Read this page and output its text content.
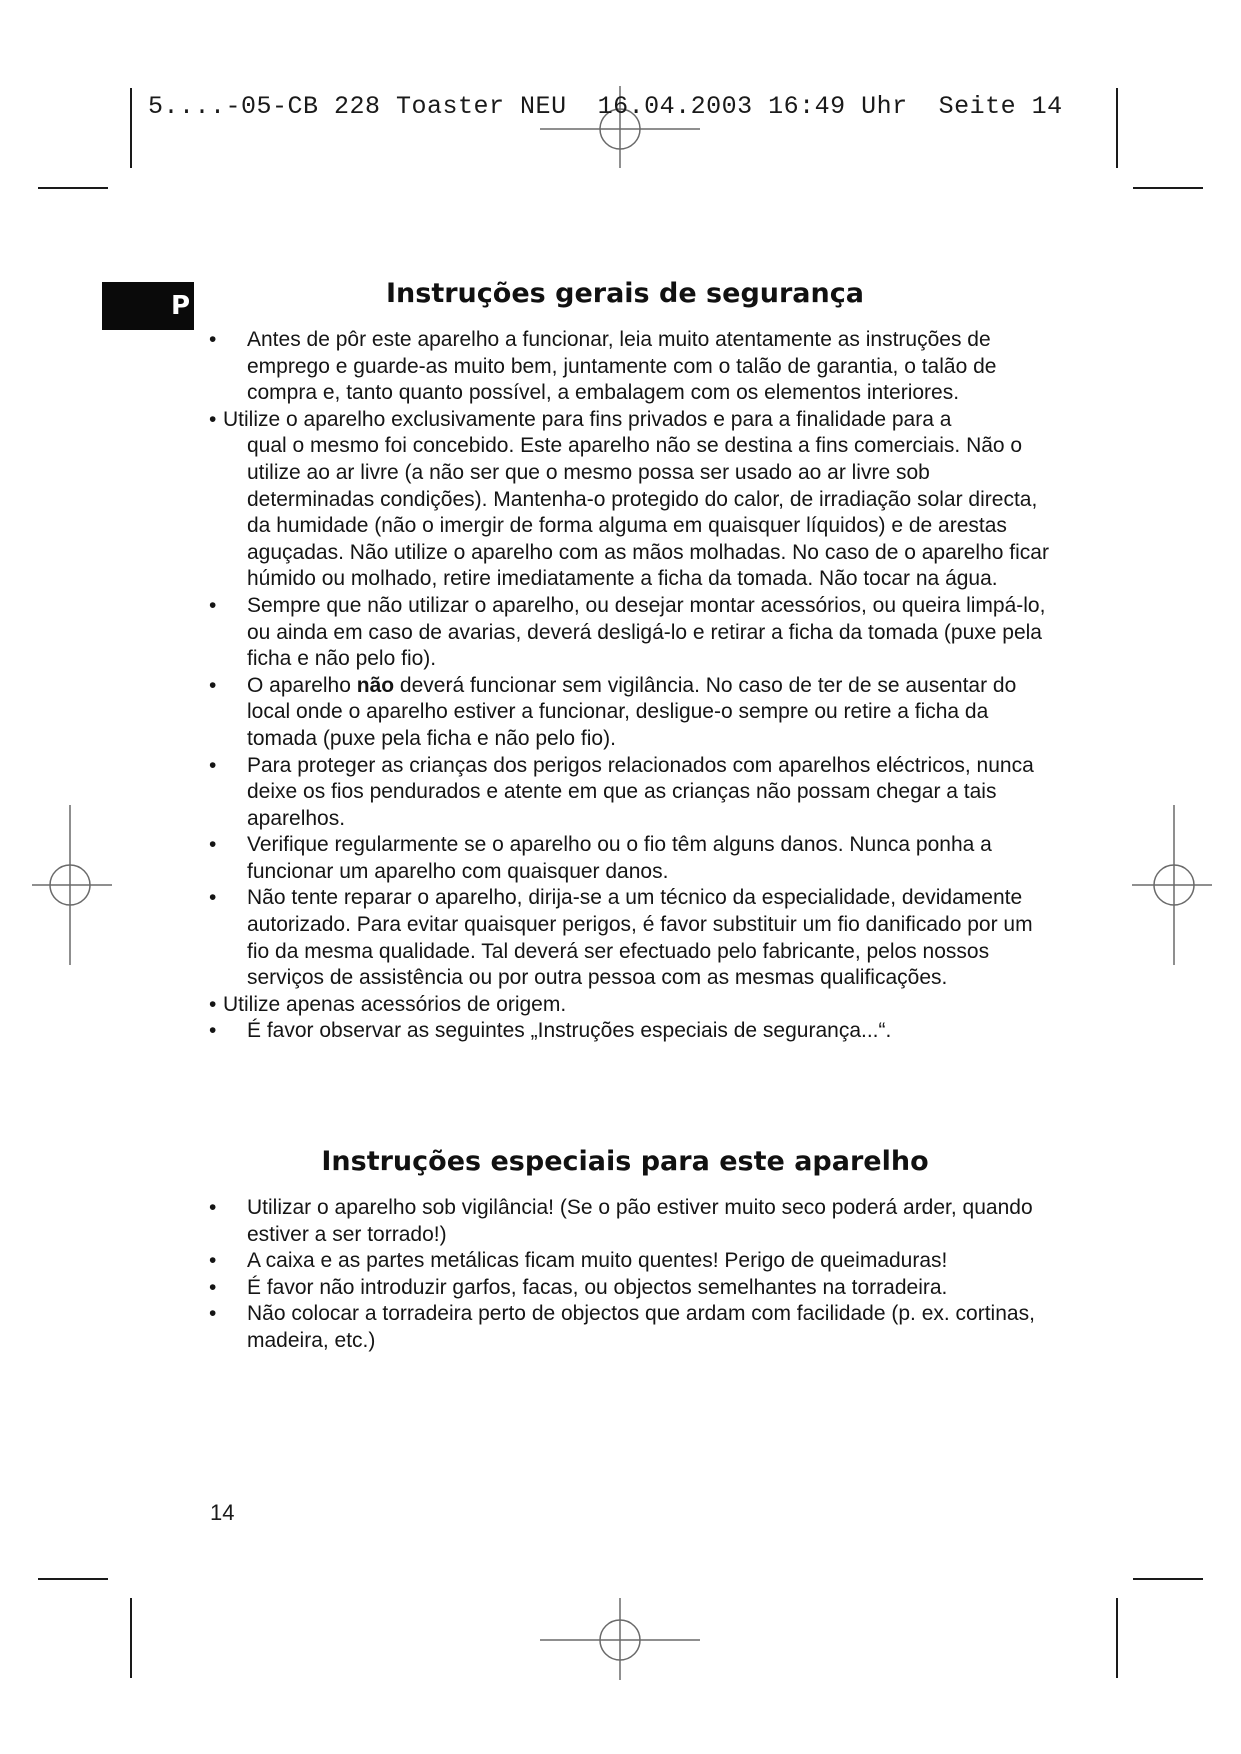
5....-05-CB 228 Toaster NEU  16.04.2003 16:49 Uhr  Seite 14
P	Instruções gerais de segurança
• Antes de pôr este aparelho a funcionar, leia muito atentamente as instruções de emprego e guarde-as muito bem, juntamente com o talão de garantia, o talão de compra e, tanto quanto possível, a embalagem com os elementos interiores.
• Utilize o aparelho exclusivamente para fins privados e para a finalidade para a
qual o mesmo foi concebido. Este aparelho não se destina a fins comerciais. Não o utilize ao ar livre (a não ser que o mesmo possa ser usado ao ar livre sob determinadas condições). Mantenha-o protegido do calor, de irradiação solar directa, da humidade (não o imergir de forma alguma em quaisquer líquidos) e de arestas aguçadas. Não utilize o aparelho com as mãos molhadas. No caso de o aparelho ficar húmido ou molhado, retire imediatamente a ficha da tomada. Não tocar na água.
• Sempre que não utilizar o aparelho, ou desejar montar acessórios, ou queira limpá-lo, ou ainda em caso de avarias, deverá desligá-lo e retirar a ficha da tomada (puxe pela ficha e não pelo fio).
• O aparelho não deverá funcionar sem vigilância. No caso de ter de se ausentar do local onde o aparelho estiver a funcionar, desligue-o sempre ou retire a ficha da tomada (puxe pela ficha e não pelo fio).
• Para proteger as crianças dos perigos relacionados com aparelhos eléctricos, nunca deixe os fios pendurados e atente em que as crianças não possam chegar a tais aparelhos.
• Verifique regularmente se o aparelho ou o fio têm alguns danos. Nunca ponha a funcionar um aparelho com quaisquer danos.
• Não tente reparar o aparelho, dirija-se a um técnico da especialidade, devidamente autorizado. Para evitar quaisquer perigos, é favor substituir um fio danificado por um fio da mesma qualidade. Tal deverá ser efectuado pelo fabricante, pelos nossos serviços de assistência ou por outra pessoa com as mesmas qualificações.
• Utilize apenas acessórios de origem.
• É favor observar as seguintes „Instruções especiais de segurança...“.
Instruções especiais para este aparelho
• Utilizar o aparelho sob vigilância! (Se o pão estiver muito seco poderá arder, quando estiver a ser torrado!)
• A caixa e as partes metálicas ficam muito quentes! Perigo de queimaduras!
• É favor não introduzir garfos, facas, ou objectos semelhantes na torradeira.
• Não colocar a torradeira perto de objectos que ardam com facilidade (p. ex. cortinas, madeira, etc.)
14
